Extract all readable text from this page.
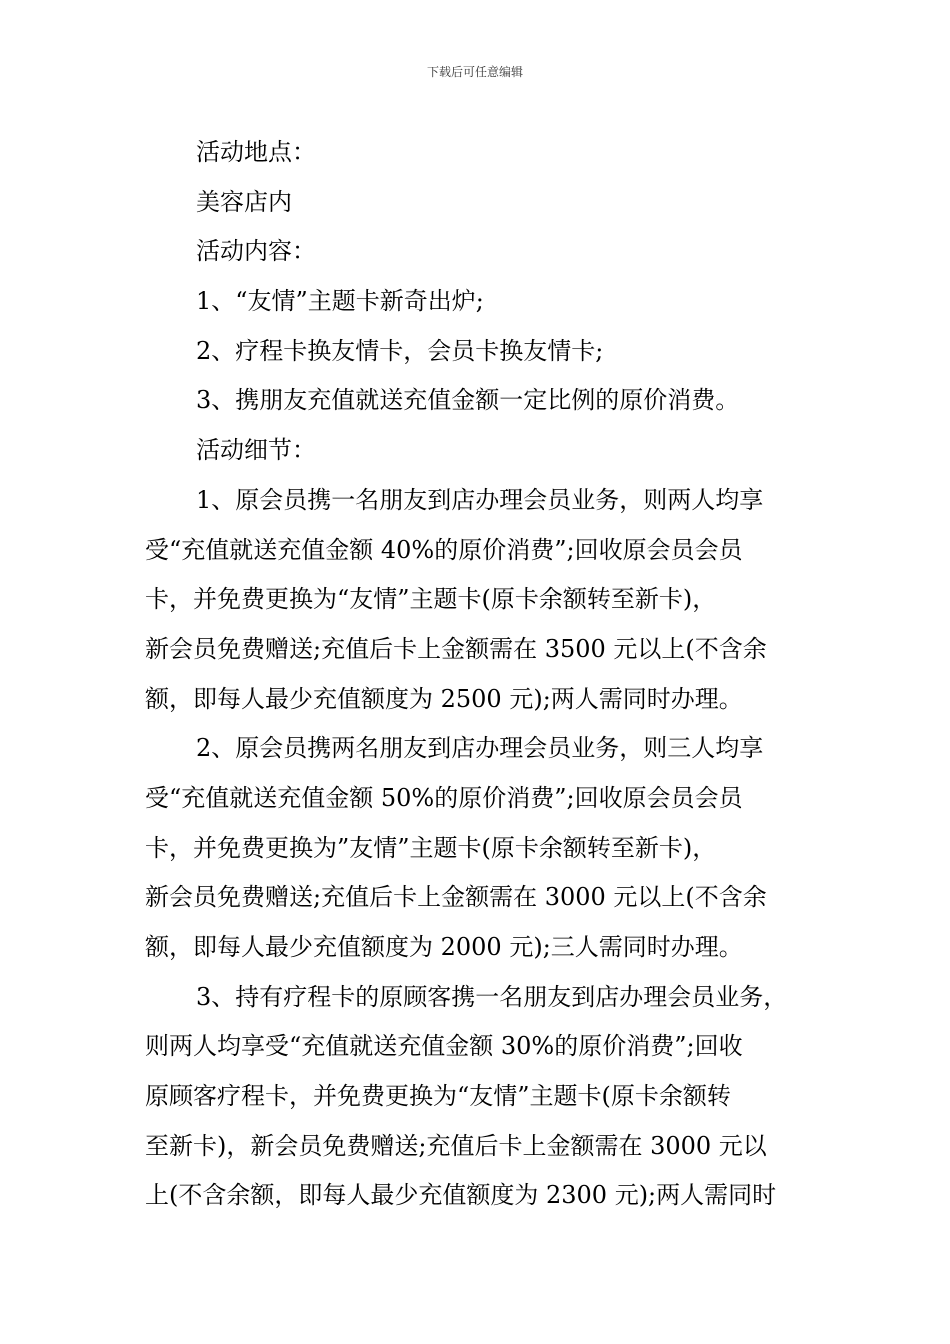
下载后可任意编辑
活动地点：
美容店内
活动内容：
1、“友情”主题卡新奇出炉;
2、疗程卡换友情卡，会员卡换友情卡;
3、携朋友充值就送充值金额一定比例的原价消费。
活动细节：
1、原会员携一名朋友到店办理会员业务，则两人均享
受“充值就送充值金额 40%的原价消费”;回收原会员会员
卡，并免费更换为“友情”主题卡(原卡余额转至新卡)，
新会员免费赠送;充值后卡上金额需在 3500 元以上(不含余
额，即每人最少充值额度为 2500 元);两人需同时办理。
2、原会员携两名朋友到店办理会员业务，则三人均享
受“充值就送充值金额 50%的原价消费”;回收原会员会员
卡，并免费更换为”友情”主题卡(原卡余额转至新卡)，
新会员免费赠送;充值后卡上金额需在 3000 元以上(不含余
额，即每人最少充值额度为 2000 元);三人需同时办理。
3、持有疗程卡的原顾客携一名朋友到店办理会员业务，
则两人均享受“充值就送充值金额 30%的原价消费”;回收
原顾客疗程卡，并免费更换为“友情”主题卡(原卡余额转
至新卡)，新会员免费赠送;充值后卡上金额需在 3000 元以
上(不含余额，即每人最少充值额度为 2300 元);两人需同时
